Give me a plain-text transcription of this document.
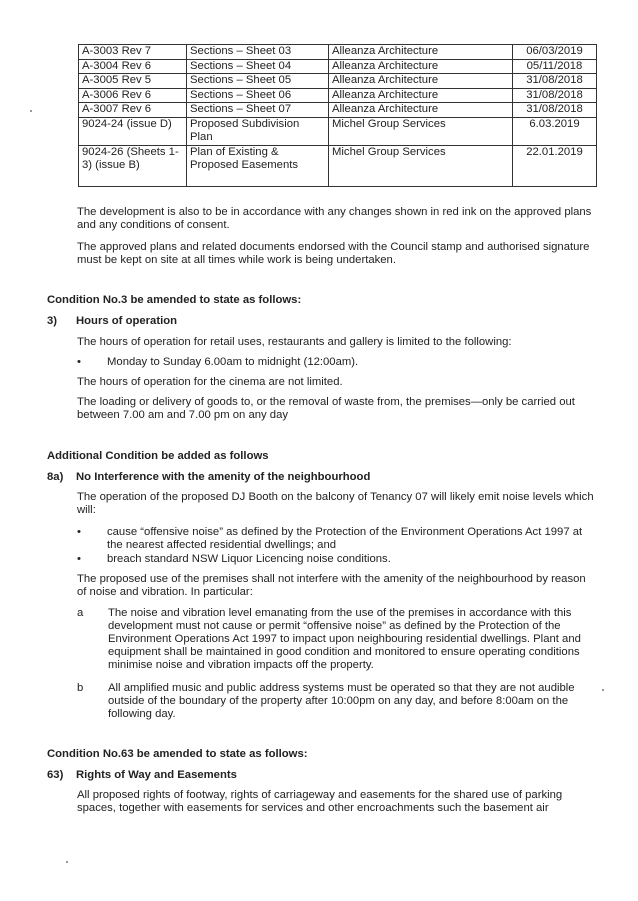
A-3003 Rev 7	Sections – Sheet 03	Alleanza Architecture	06/03/2019
A-3004 Rev 6	Sections – Sheet 04	Alleanza Architecture	05/11/2018
A-3005 Rev 5	Sections – Sheet 05	Alleanza Architecture	31/08/2018
A-3006 Rev 6	Sections – Sheet 06	Alleanza Architecture	31/08/2018
A-3007 Rev 6	Sections – Sheet 07	Alleanza Architecture	31/08/2018
9024-24 (issue D)	Proposed Subdivision Plan	Michel Group Services	6.03.2019
9024-26 (Sheets 1-3) (issue B)	Plan of Existing & Proposed Easements	Michel Group Services	22.01.2019

The development is also to be in accordance with any changes shown in red ink on the approved plans and any conditions of consent.

The approved plans and related documents endorsed with the Council stamp and authorised signature must be kept on site at all times while work is being undertaken.

Condition No.3 be amended to state as follows:

3) Hours of operation

The hours of operation for retail uses, restaurants and gallery is limited to the following:

• Monday to Sunday 6.00am to midnight (12:00am).

The hours of operation for the cinema are not limited.

The loading or delivery of goods to, or the removal of waste from, the premises—only be carried out between 7.00 am and 7.00 pm on any day

Additional Condition be added as follows

8a) No Interference with the amenity of the neighbourhood

The operation of the proposed DJ Booth on the balcony of Tenancy 07 will likely emit noise levels which will:

• cause “offensive noise” as defined by the Protection of the Environment Operations Act 1997 at the nearest affected residential dwellings; and
• breach standard NSW Liquor Licencing noise conditions.

The proposed use of the premises shall not interfere with the amenity of the neighbourhood by reason of noise and vibration. In particular:

a The noise and vibration level emanating from the use of the premises in accordance with this development must not cause or permit “offensive noise” as defined by the Protection of the Environment Operations Act 1997 to impact upon neighbouring residential dwellings. Plant and equipment shall be maintained in good condition and monitored to ensure operating conditions minimise noise and vibration impacts off the property.
b All amplified music and public address systems must be operated so that they are not audible outside of the boundary of the property after 10:00pm on any day, and before 8:00am on the following day.

Condition No.63 be amended to state as follows:

63) Rights of Way and Easements

All proposed rights of footway, rights of carriageway and easements for the shared use of parking spaces, together with easements for services and other encroachments such the basement air
